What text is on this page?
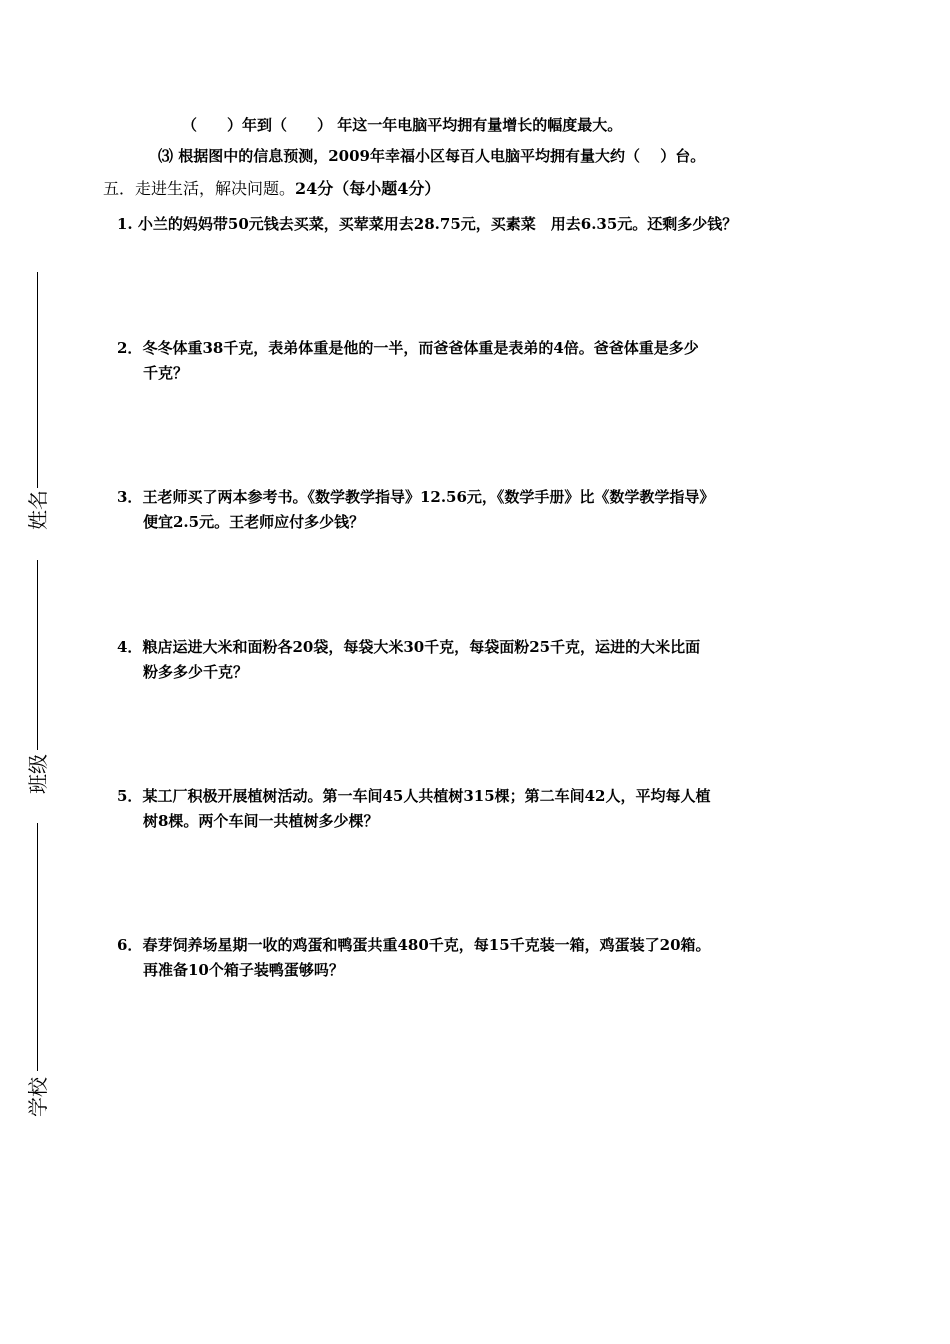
（　　）年到（　　） 年这一年电脑平均拥有量增长的幅度最大。
⑶ 根据图中的信息预测，2009年幸福小区每百人电脑平均拥有量大约（　 ）台。
五．走进生活，解决问题。24分（每小题4分）
1. 小兰的妈妈带50元钱去买菜，买荤菜用去28.75元，买素菜　用去6.35元。还剩多少钱？
2．冬冬体重38千克，表弟体重是他的一半，而爸爸体重是表弟的4倍。爸爸体重是多少
千克？
3．王老师买了两本参考书。《数学教学指导》12.56元，《数学手册》比《数学教学指导》
便宜2.5元。王老师应付多少钱？
4．粮店运进大米和面粉各20袋，每袋大米30千克，每袋面粉25千克，运进的大米比面
粉多多少千克？
5．某工厂积极开展植树活动。第一车间45人共植树315棵；第二车间42人，平均每人植
树8棵。两个车间一共植树多少棵？
6．春芽饲养场星期一收的鸡蛋和鸭蛋共重480千克，每15千克装一箱，鸡蛋装了20箱。
再准备10个箱子装鸭蛋够吗？
姓名
班级
学校
